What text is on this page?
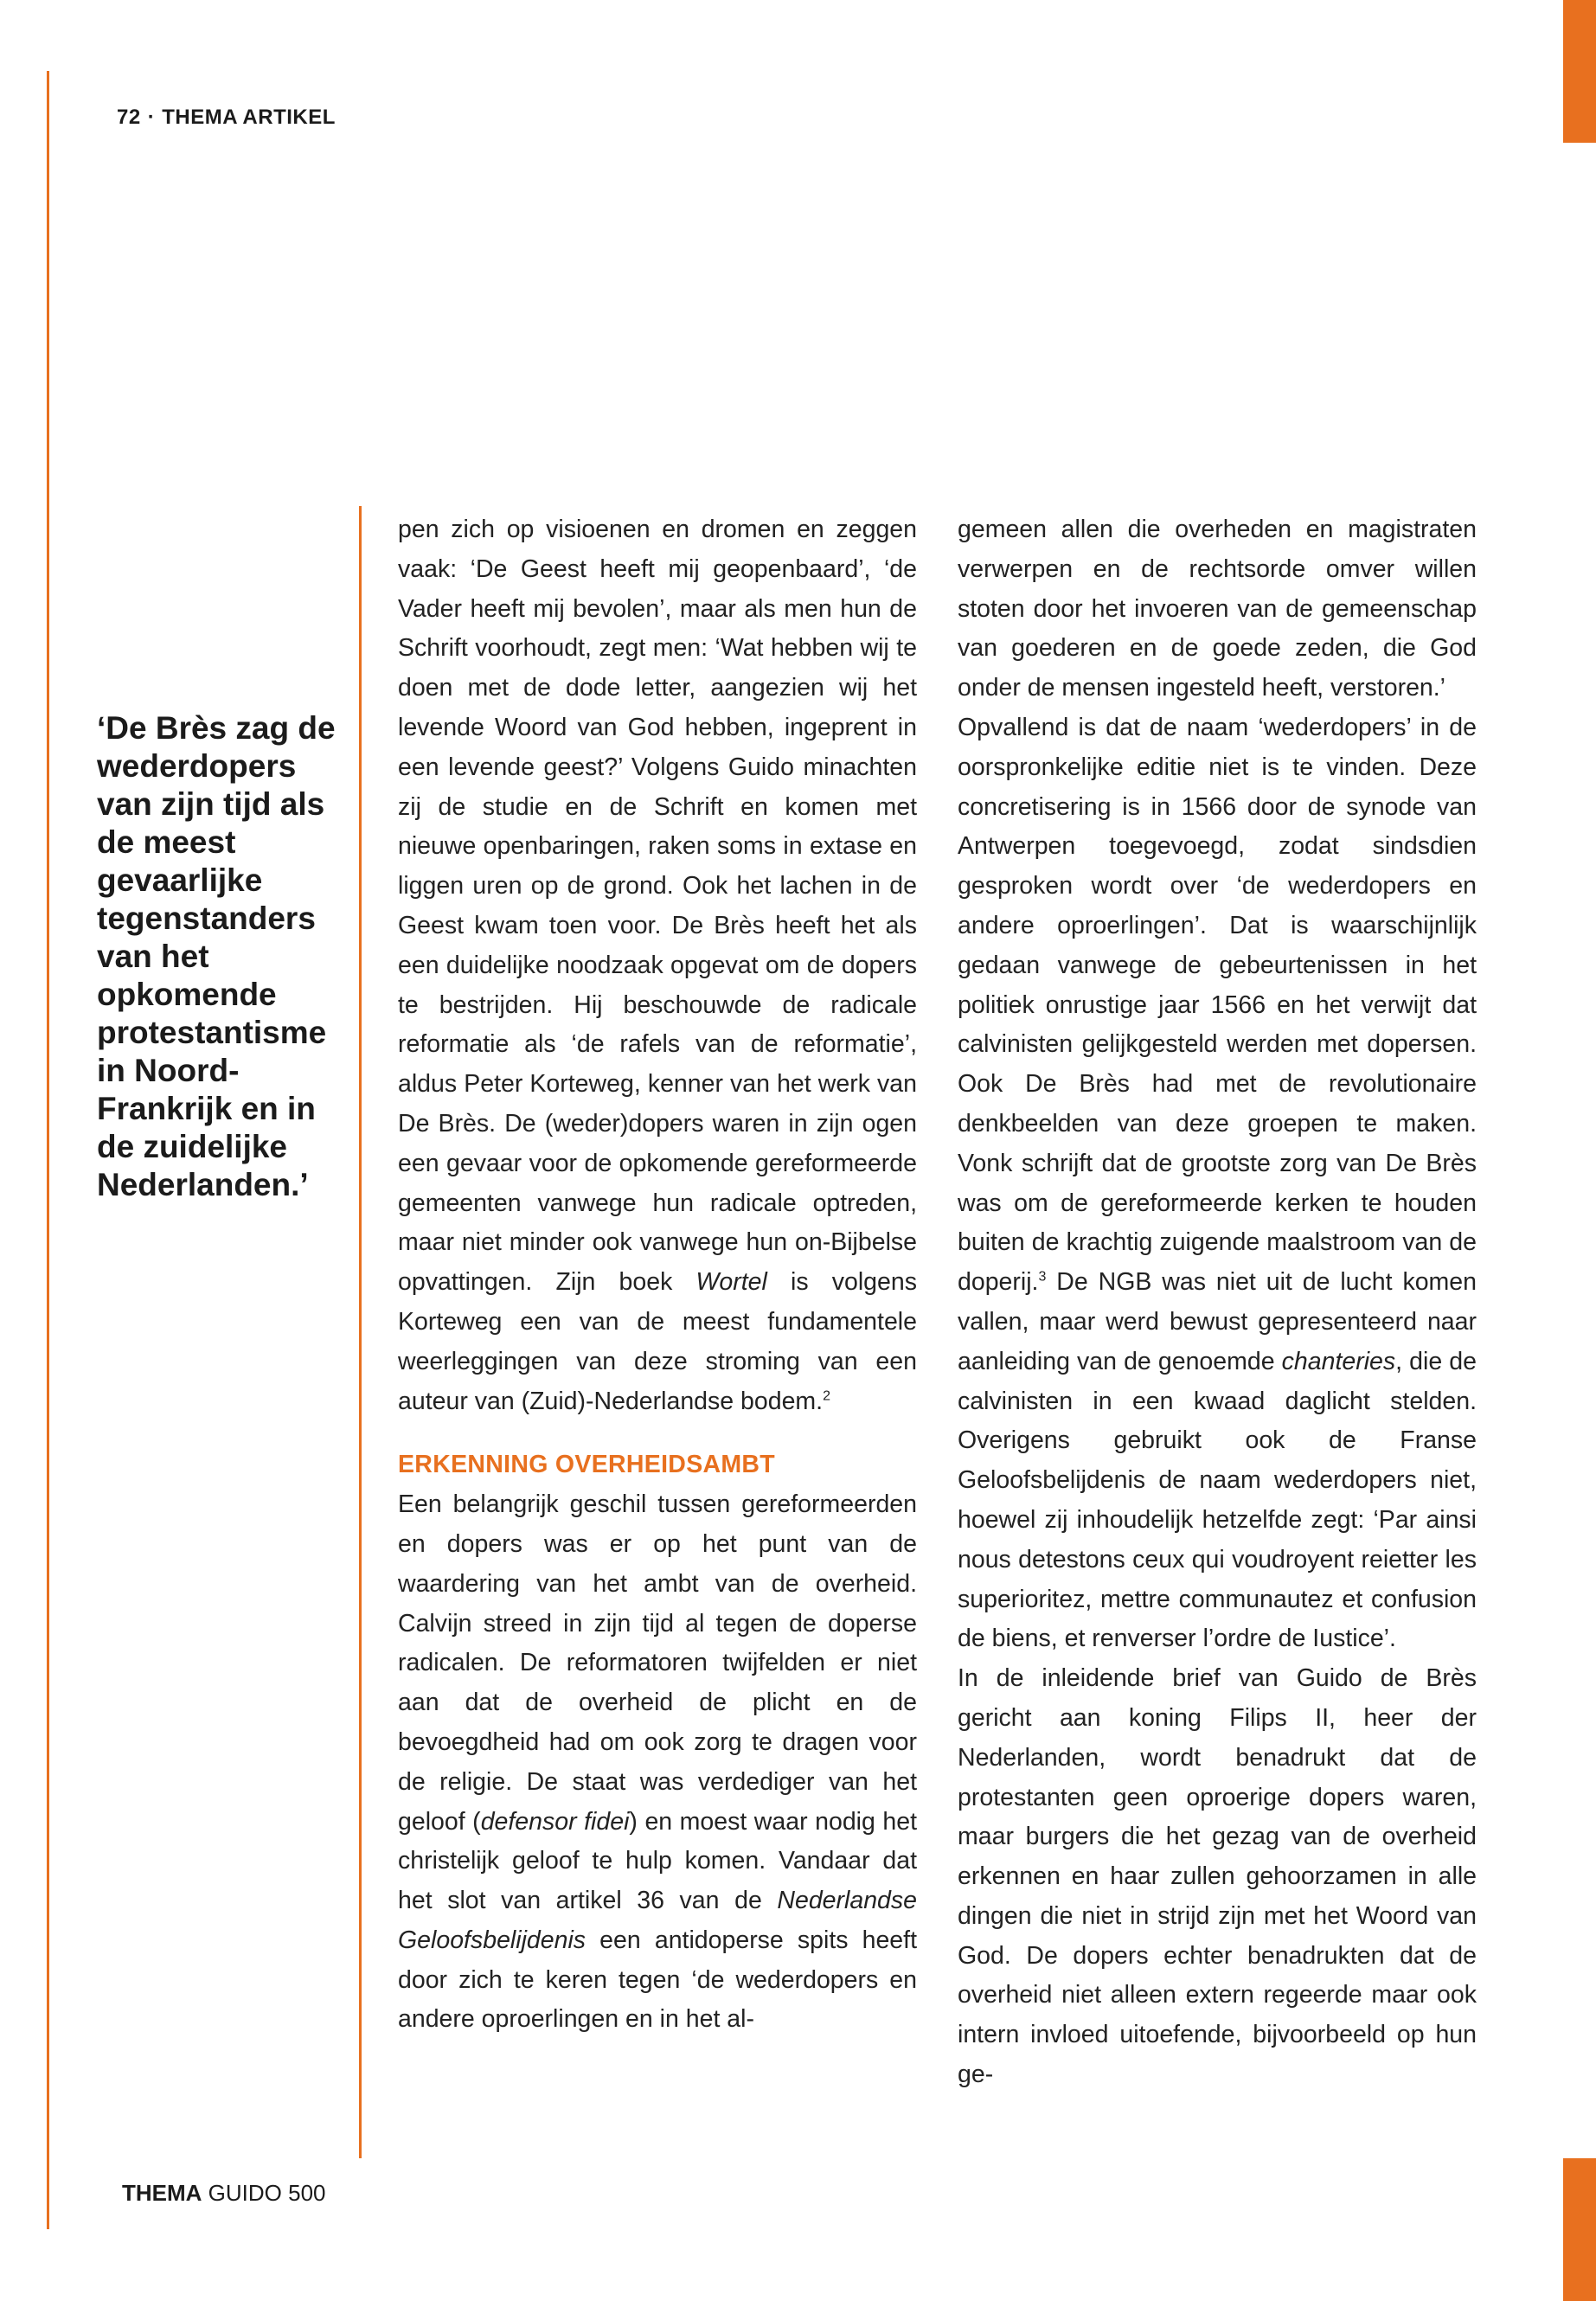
72 · THEMA ARTIKEL
‘De Brès zag de wederdopers van zijn tijd als de meest gevaarlijke tegenstanders van het opkomende protestantisme in Noord-Frankrijk en in de zuidelijke Nederlanden.’

pen zich op visioenen en dromen en zeggen vaak: ‘De Geest heeft mij geopenbaard’, ‘de Vader heeft mij bevolen’, maar als men hun de Schrift voorhoudt, zegt men: ‘Wat hebben wij te doen met de dode letter, aangezien wij het levende Woord van God hebben, ingeprent in een levende geest?’ Volgens Guido minachten zij de studie en de Schrift en komen met nieuwe openbaringen, raken soms in extase en liggen uren op de grond. Ook het lachen in de Geest kwam toen voor. De Brès heeft het als een duidelijke noodzaak opgevat om de dopers te bestrijden. Hij beschouwde de radicale reformatie als ‘de rafels van de reformatie’, aldus Peter Korteweg, kenner van het werk van De Brès. De (weder)dopers waren in zijn ogen een gevaar voor de opkomende gereformeerde gemeenten vanwege hun radicale optreden, maar niet minder ook vanwege hun on-Bijbelse opvattingen. Zijn boek Wortel is volgens Korteweg een van de meest fundamentele weerleggingen van deze stroming van een auteur van (Zuid)-Nederlandse bodem.$^2$

ERKENNING OVERHEIDSAMBT

Een belangrijk geschil tussen gereformeerden en dopers was er op het punt van de waardering van het ambt van de overheid. Calvijn streed in zijn tijd al tegen de doperse radicalen. De reformatoren twijfelden er niet aan dat de overheid de plicht en de bevoegdheid had om ook zorg te dragen voor de religie. De staat was verdediger van het geloof (defensor fidei) en moest waar nodig het christelijk geloof te hulp komen. Vandaar dat het slot van artikel 36 van de Nederlandse Geloofsbelijdenis een antidoperse spits heeft door zich te keren tegen ‘de wederdopers en andere oproerlingen en in het al-

gemeen allen die overheden en magistraten verwerpen en de rechtsorde omver willen stoten door het invoeren van de gemeenschap van goederen en de goede zeden, die God onder de mensen ingesteld heeft, verstoren.’

Opvallend is dat de naam ‘wederdopers’ in de oorspronkelijke editie niet is te vinden. Deze concretisering is in 1566 door de synode van Antwerpen toegevoegd, zodat sindsdien gesproken wordt over ‘de wederdopers en andere oproerlingen’. Dat is waarschijnlijk gedaan vanwege de gebeurtenissen in het politiek onrustige jaar 1566 en het verwijt dat calvinisten gelijkgesteld werden met dopersen. Ook De Brès had met de revolutionaire denkbeelden van deze groepen te maken. Vonk schrijft dat de grootste zorg van De Brès was om de gereformeerde kerken te houden buiten de krachtig zuigende maalstroom van de doperij.$^3$ De NGB was niet uit de lucht komen vallen, maar werd bewust gepresenteerd naar aanleiding van de genoemde chanteries, die de calvinisten in een kwaad daglicht stelden. Overigens gebruikt ook de Franse Geloofsbelijdenis de naam wederdopers niet, hoewel zij inhoudelijk hetzelfde zegt: ‘Par ainsi nous detestons ceux qui voudroyent reietter les superioritez, mettre communautez et confusion de biens, et renverser l’ordre de Iustice’.

In de inleidende brief van Guido de Brès gericht aan koning Filips II, heer der Nederlanden, wordt benadrukt dat de protestanten geen oproerige dopers waren, maar burgers die het gezag van de overheid erkennen en haar zullen gehoorzamen in alle dingen die niet in strijd zijn met het Woord van God. De dopers echter benadrukten dat de overheid niet alleen extern regeerde maar ook intern invloed uitoefende, bijvoorbeeld op hun ge-

THEMA GUIDO 500
